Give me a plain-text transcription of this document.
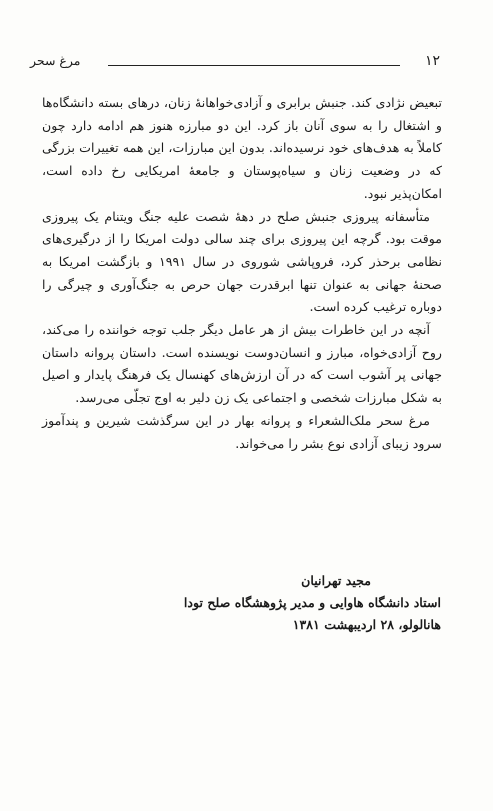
۱۲
مرغ سحر

تبعیض نژادی کند. جنبش برابری و آزادی‌خواهانهٔ زنان، درهای بسته دانشگاه‌ها و اشتغال را به سوی آنان باز کرد. این دو مبارزه هنوز هم ادامه دارد چون کاملاً به هدف‌های خود نرسیده‌اند. بدون این مبارزات، این همه تغییرات بزرگی که در وضعیت زنان و سیاه‌پوستان و جامعهٔ امریکایی رخ داده است، امکان‌پذیر نبود.

متأسفانه پیروزی جنبش صلح در دههٔ شصت علیه جنگ ویتنام یک پیروزی موقت بود. گرچه این پیروزی برای چند سالی دولت امریکا را از درگیری‌های نظامی برحذر کرد، فروپاشی شوروی در سال ۱۹۹۱ و بازگشت امریکا به صحنهٔ جهانی به عنوان تنها ابرقدرت جهان حرص به جنگ‌آوری و چیرگی را دوباره ترغیب کرده است.

آنچه در این خاطرات بیش از هر عامل دیگر جلب توجه خواننده را می‌کند، روح آزادی‌خواه، مبارز و انسان‌دوست نویسنده است. داستان پروانه داستان جهانی پر آشوب است که در آن ارزش‌های کهنسال یک فرهنگ پایدار و اصیل به شکل مبارزات شخصی و اجتماعی یک زن دلیر به اوج تجلّی می‌رسد.

مرغ سحر ملک‌الشعراء و پروانه بهار در این سرگذشت شیرین و پندآموز سرود زیبای آزادی نوع بشر را می‌خواند.

مجید تهرانیان
استاد دانشگاه هاوایی و مدیر پژوهشگاه صلح تودا
هانالولو، ۲۸ اردیبهشت ۱۳۸۱
